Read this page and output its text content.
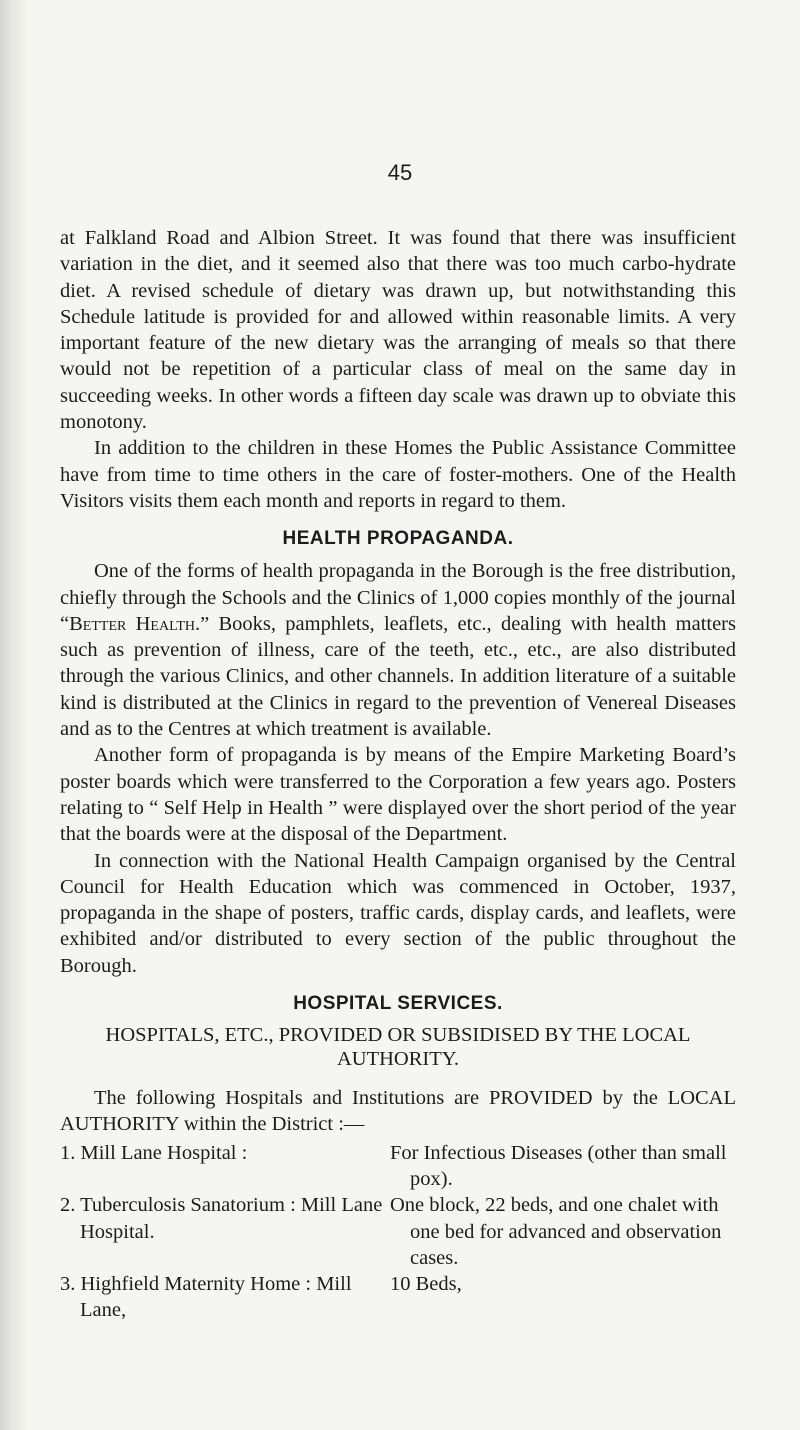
45

at Falkland Road and Albion Street. It was found that there was insufficient variation in the diet, and it seemed also that there was too much carbo-hydrate diet. A revised schedule of dietary was drawn up, but notwithstanding this Schedule latitude is provided for and allowed within reasonable limits. A very important feature of the new dietary was the arranging of meals so that there would not be repetition of a particular class of meal on the same day in succeeding weeks. In other words a fifteen day scale was drawn up to obviate this monotony.

In addition to the children in these Homes the Public Assistance Committee have from time to time others in the care of foster-mothers. One of the Health Visitors visits them each month and reports in regard to them.

HEALTH PROPAGANDA.

One of the forms of health propaganda in the Borough is the free distribution, chiefly through the Schools and the Clinics of 1,000 copies monthly of the journal “Better Health.” Books, pamphlets, leaflets, etc., dealing with health matters such as prevention of illness, care of the teeth, etc., etc., are also distributed through the various Clinics, and other channels. In addition literature of a suitable kind is distributed at the Clinics in regard to the prevention of Venereal Diseases and as to the Centres at which treatment is available.

Another form of propaganda is by means of the Empire Marketing Board’s poster boards which were transferred to the Corporation a few years ago. Posters relating to “ Self Help in Health ” were displayed over the short period of the year that the boards were at the disposal of the Department.

In connection with the National Health Campaign organised by the Central Council for Health Education which was commenced in October, 1937, propaganda in the shape of posters, traffic cards, display cards, and leaflets, were exhibited and/or distributed to every section of the public throughout the Borough.

HOSPITAL SERVICES.
HOSPITALS, ETC., PROVIDED OR SUBSIDISED BY THE LOCAL AUTHORITY.

The following Hospitals and Institutions are PROVIDED by the LOCAL AUTHORITY within the District :—

1. Mill Lane Hospital :	For Infectious Diseases (other than small pox).
2. Tuberculosis Sanatorium : Mill Lane Hospital.
One block, 22 beds, and one chalet with one bed for advanced and observation cases.
3. Highfield Maternity Home : Mill Lane,
10 Beds,
